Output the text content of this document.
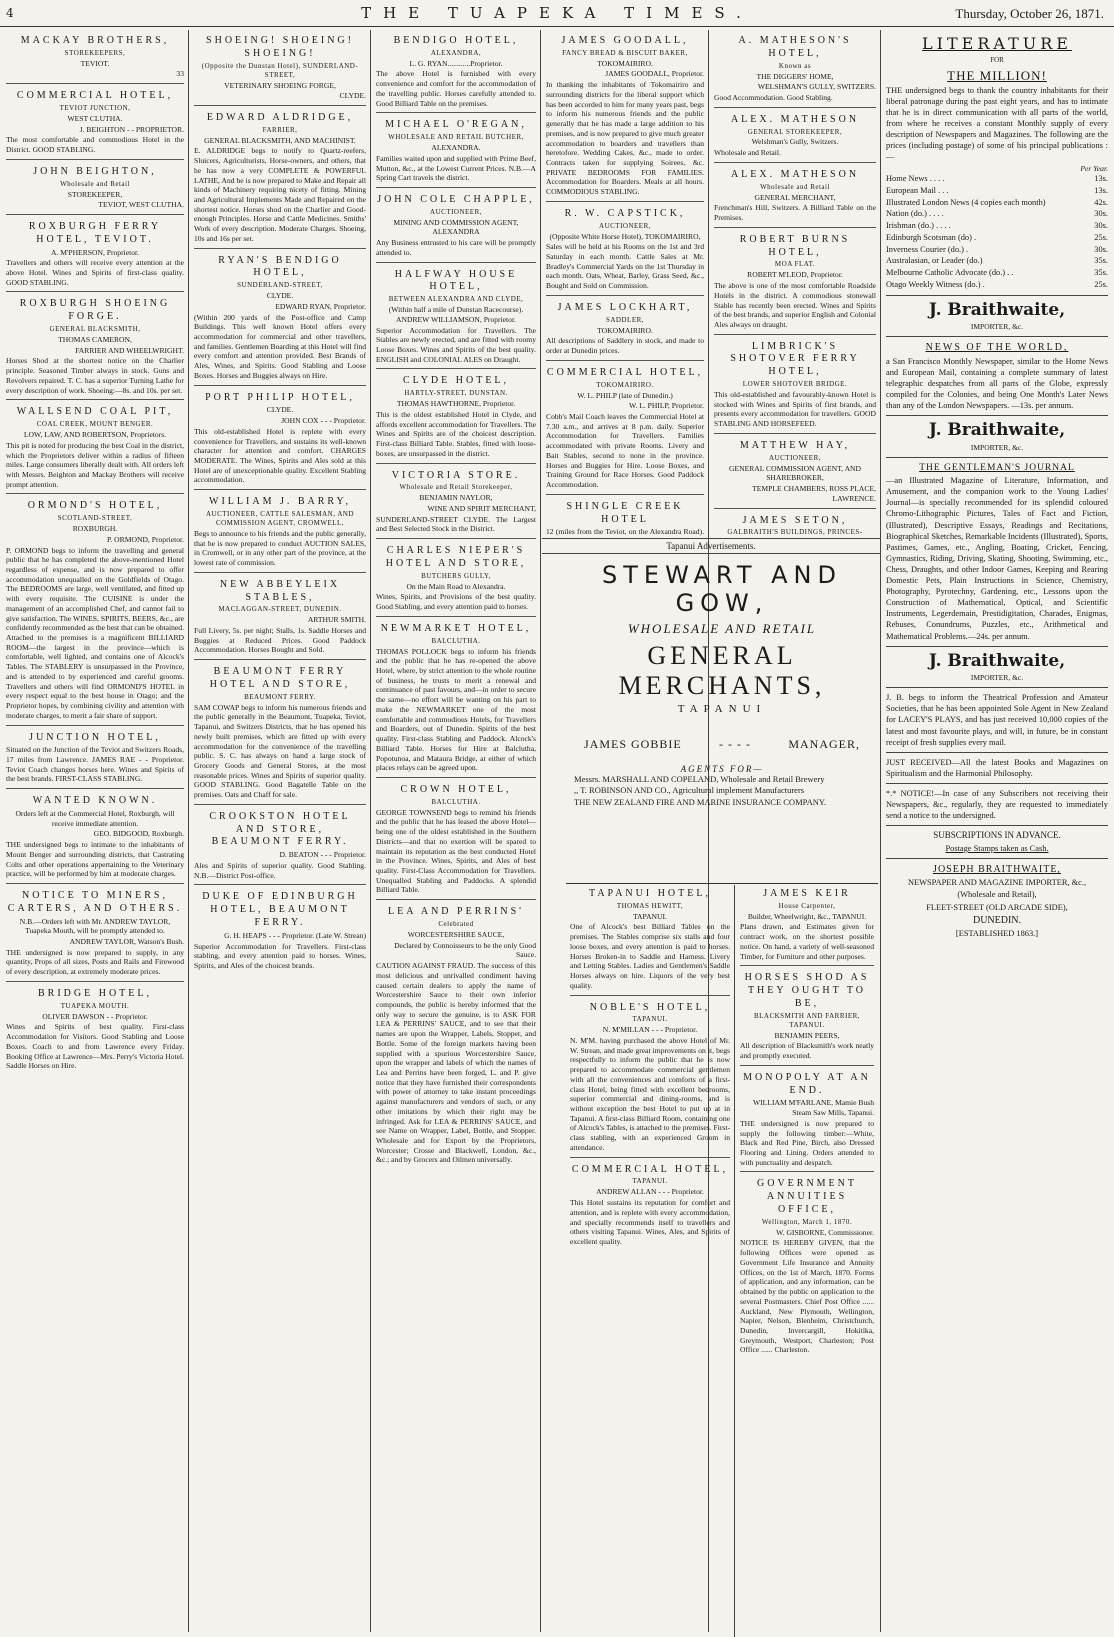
4	THE TUAPEKA TIMES.	Thursday, October 26, 1871.
MACKAY BROTHERS,
STOREKEEPERS,
TEVIOT.
33
COMMERCIAL HOTEL,
TEVIOT JUNCTION,
WEST CLUTHA.
J. BEIGHTON - - PROPRIETOR.
The most comfortable and commodious Hotel in the District. GOOD STABLING.
JOHN BEIGHTON,
Wholesale and Retail
STOREKEEPER,
TEVIOT, WEST CLUTHA.
ROXBURGH FERRY HOTEL, TEVIOT.
A. M'PHERSON, Proprietor.
Travellers and others will receive every attention at the above Hotel. Wines and Spirits of first-class quality. GOOD STABLING.
ROXBURGH SHOEING FORGE.
GENERAL BLACKSMITH,
THOMAS CAMERON,
FARRIER AND WHEELWRIGHT.
Horses Shod at the shortest notice on the Charlier principle. Seasoned Timber always in stock. Guns and Revolvers repaired. T. C. has a superior Turning Lathe for every description of work. Shoeing:—8s. and 10s. per set.
WALLSEND COAL PIT,
COAL CREEK, MOUNT BENGER.
LOW, LAW, AND ROBERTSON, Proprietors.
This pit is noted for producing the best Coal in the district, which the Proprietors deliver within a radius of fifteen miles. Large consumers liberally dealt with. All orders left with Messrs. Beighton and Mackay Brothers will receive prompt attention.
ORMOND'S HOTEL,
SCOTLAND-STREET,
ROXBURGH.
P. ORMOND, Proprietor.
P. ORMOND begs to inform the travelling and general public that he has completed the above-mentioned Hotel regardless of expense, and is now prepared to offer accommodation unequalled on the Goldfields of Otago. The BEDROOMS are large, well ventilated, and fitted up with every requisite. The CUISINE is under the management of an accomplished Chef, and cannot fail to give satisfaction. The WINES, SPIRITS, BEERS, &c., are confidently recommended as the best that can be obtained. Attached to the premises is a magnificent BILLIARD ROOM—the largest in the province—which is comfortable, well lighted, and contains one of Alcock's Tables. The STABLERY is unsurpassed in the Province, and is attended to by experienced and careful grooms. Travellers and others will find ORMOND'S HOTEL in every respect equal to the best house in Otago; and the Proprietor hopes, by combining civility and attention with moderate charges, to merit a fair share of support.
JUNCTION HOTEL,
Situated on the Junction of the Teviot and Switzers Roads, 17 miles from Lawrence. JAMES RAE - - Proprietor. Teviot Coach changes horses here. Wines and Spirits of the best brands. FIRST-CLASS STABLING.
WANTED KNOWN.
Orders left at the Commercial Hotel, Roxburgh, will receive immediate attention.
GEO. BIDGOOD, Roxburgh.
THE undersigned begs to intimate to the inhabitants of Mount Benger and surrounding districts, that Castrating Colts and other operations appertaining to the Veterinary practice, will be performed by him at moderate charges.
NOTICE TO MINERS, CARTERS, AND OTHERS.
N.B.—Orders left with Mr. ANDREW TAYLOR, Tuapeka Mouth, will be promptly attended to.
ANDREW TAYLOR, Watson's Bush.
THE undersigned is now prepared to supply, in any quantity, Props of all sizes, Posts and Rails and Firewood of every description, at extremely moderate prices.
BRIDGE HOTEL,
TUAPEKA MOUTH.
OLIVER DAWSON - - Proprietor.
Wines and Spirits of best quality. First-class Accommodation for Visitors. Good Stabling and Loose Boxes. Coach to and from Lawrence every Friday. Booking Office at Lawrence—Mrs. Perry's Victoria Hotel. Saddle Horses on Hire.
SHOEING! SHOEING! SHOEING!
(Opposite the Dunstan Hotel), SUNDERLAND-STREET,
VETERINARY SHOEING FORGE,
CLYDE.
EDWARD ALDRIDGE,
FARRIER,
GENERAL BLACKSMITH, AND MACHINIST.
E. ALDRIDGE begs to notify to Quartz-reefers, Sluicers, Agriculturists, Horse-owners, and others, that he has now a very COMPLETE & POWERFUL LATHE, And he is now prepared to Make and Repair all kinds of Machinery requiring nicety of fitting. Mining and Agricultural Implements Made and Repaired on the shortest notice. Horses shod on the Charlier and Good-enough Principles. Horse and Cattle Medicines. Smiths' Work of every description. Moderate Charges. Shoeing, 10s and 16s per set.
RYAN'S BENDIGO HOTEL,
SUNDERLAND-STREET,
CLYDE.
EDWARD RYAN, Proprietor.
(Within 200 yards of the Post-office and Camp Buildings. This well known Hotel offers every accommodation for commercial and other travellers, and families. Gentlemen Boarding at this Hotel will find every comfort and attention provided. Best Brands of Ales, Wines, and Spirits. Good Stabling and Loose Boxes. Horses and Buggies always on Hire.
PORT PHILIP HOTEL,
CLYDE.
JOHN COX - - - Proprietor.
This old-established Hotel is replete with every convenience for Travellers, and sustains its well-known character for attention and comfort. CHARGES MODERATE. The Wines, Spirits and Ales sold at this Hotel are of unexceptionable quality. Excellent Stabling accommodation.
WILLIAM J. BARRY,
AUCTIONEER, CATTLE SALESMAN, AND COMMISSION AGENT, CROMWELL,
Begs to announce to his friends and the public generally, that he is now prepared to conduct AUCTION SALES, in Cromwell, or in any other part of the province, at the lowest rate of commission.
NEW ABBEYLEIX STABLES,
MACLAGGAN-STREET, DUNEDIN.
ARTHUR SMITH.
Full Livery, 5s. per night; Stalls, 1s. Saddle Horses and Buggies at Reduced Prices. Good Paddock Accommodation. Horses Bought and Sold.
BEAUMONT FERRY HOTEL AND STORE,
BEAUMONT FERRY.
SAM COWAP begs to inform his numerous friends and the public generally in the Beaumont, Tuapeka, Teviot, Tapanui, and Switzers Districts, that he has opened his newly built premises, which are fitted up with every accommodation for the convenience of the travelling public. S. C. has always on hand a large stock of Grocery Goods and General Stores, at the most reasonable prices. Wines and Spirits of superior quality. GOOD STABLING. Good Bagatelle Table on the premises. Oats and Chaff for sale.
CROOKSTON HOTEL AND STORE, BEAUMONT FERRY.
D. BEATON - - - Proprietor.
Ales and Spirits of superior quality. Good Stabling. N.B.—District Post-office.
DUKE OF EDINBURGH HOTEL, BEAUMONT FERRY.
G. H. HEAPS - - - Proprietor. (Late W. Strean)
Superior Accommodation for Travellers. First-class stabling, and every attention paid to horses. Wines, Spirits, and Ales of the choicest brands.
BENDIGO HOTEL,
ALEXANDRA,
L. G. RYAN............Proprietor.
The above Hotel is furnished with every convenience and comfort for the accommodation of the travelling public. Horses carefully attended to. Good Billiard Table on the premises.
MICHAEL O'REGAN,
WHOLESALE AND RETAIL BUTCHER,
ALEXANDRA.
Families waited upon and supplied with Prime Beef, Mutton, &c., at the Lowest Current Prices. N.B.—A Spring Cart travels the district.
JOHN COLE CHAPPLE,
AUCTIONEER,
MINING AND COMMISSION AGENT, ALEXANDRA
Any Business entrusted to his care will be promptly attended to.
HALFWAY HOUSE HOTEL,
BETWEEN ALEXANDRA AND CLYDE,
(Within half a mile of Dunstan Racecourse). ANDREW WILLIAMSON, Proprietor.
Superior Accommodation for Travellers. The Stables are newly erected, and are fitted with roomy Loose Boxes. Wines and Spirits of the best quality. ENGLISH and COLONIAL ALES on Draught.
CLYDE HOTEL,
HARTLY-STREET, DUNSTAN.
THOMAS HAWTHORNE, Proprietor.
This is the oldest established Hotel in Clyde, and affords excellent accommodation for Travellers. The Wines and Spirits are of the choicest description. First-class Billiard Table. Stables, fitted with loose-boxes, are unsurpassed in the district.
VICTORIA STORE.
Wholesale and Retail Storekeeper,
BENJAMIN NAYLOR,
WINE AND SPIRIT MERCHANT,
SUNDERLAND-STREET CLYDE. The Largest and Best Selected Stock in the District.
CHARLES NIEPER'S HOTEL AND STORE,
BUTCHERS GULLY,
On the Main Road to Alexandra.
Wines, Spirits, and Provisions of the best quality. Good Stabling, and every attention paid to horses.
NEWMARKET HOTEL,
BALCLUTHA.
THOMAS POLLOCK begs to inform his friends and the public that he has re-opened the above Hotel, where, by strict attention to the whole routine of business, he trusts to merit a renewal and continuance of past favours, and—in order to secure the same—no effort will be wanting on his part to make the NEWMARKET one of the most comfortable and commodious Hotels, for Travellers and Boarders, out of Dunedin. Spirits of the best quality. First-class Stabling and Paddock. Alcock's Billiard Table. Horses for Hire at Balclutha, Popotunoa, and Mataura Bridge, at either of which places relays can be agreed upon.
CROWN HOTEL,
BALCLUTHA.
GEORGE TOWNSEND begs to remind his friends and the public that he has leased the above Hotel—being one of the oldest established in the Southern Districts—and that no exertion will be spared to maintain its reputation as the best conducted Hotel in the Province. Wines, Spirits, and Ales of best quality. First-Class Accommodation for Travellers. Unequalled Stabling and Paddocks. A splendid Billiard Table.
LEA AND PERRINS'
Celebrated
WORCESTERSHIRE SAUCE,
Declared by Connoisseurs to be the only Good Sauce.
CAUTION AGAINST FRAUD. The success of this most delicious and unrivalled condiment having caused certain dealers to apply the name of Worcestershire Sauce to their own inferior compounds, the public is hereby informed that the only way to secure the genuine, is to ASK FOR LEA & PERRINS' SAUCE, and to see that their names are upon the Wrapper, Labels, Stopper, and Bottle. Some of the foreign markets having been supplied with a spurious Worcestershire Sauce, upon the wrapper and labels of which the names of Lea and Perrins have been forged, L. and P. give notice that they have furnished their correspondents with power of attorney to take instant proceedings against manufacturers and vendors of such, or any other imitations by which their right may be infringed. Ask for LEA & PERRINS' SAUCE, and see Name on Wrapper, Label, Bottle, and Stopper. Wholesale and for Export by the Proprietors, Worcester; Crosse and Blackwell, London, &c., &c.; and by Grocers and Oilmen universally.
JAMES GOODALL,
FANCY BREAD & BISCUIT BAKER,
TOKOMAIRIRO.
JAMES GOODALL, Proprietor.
In thanking the inhabitants of Tokomairiro and surrounding districts for the liberal support which has been accorded to him for many years past, begs to inform his numerous friends and the public generally that he has made a large addition to his premises, and is now prepared to give much greater accommodation to boarders and travellers than heretofore. Wedding Cakes, &c., made to order. Contracts taken for supplying Soirees, &c. PRIVATE BEDROOMS FOR FAMILIES. Accommodation for Boarders. Meals at all hours. COMMODIOUS STABLING.
R. W. CAPSTICK,
AUCTIONEER,
(Opposite White Horse Hotel), TOKOMAIRIRO,
Sales will be held at his Rooms on the 1st and 3rd Saturday in each month. Cattle Sales at Mr. Bradley's Commercial Yards on the 1st Thursday in each month. Oats, Wheat, Barley, Grass Seed, &c., Bought and Sold on Commission.
JAMES LOCKHART,
SADDLER,
TOKOMAIRIRO.
All descriptions of Saddlery in stock, and made to order at Dunedin prices.
COMMERCIAL HOTEL,
TOKOMAIRIRO.
W. L. PHILP (late of Dunedin.)
W. L. PHILP, Proprietor.
Cobb's Mail Coach leaves the Commercial Hotel at 7.30 a.m., and arrives at 8 p.m. daily. Superior Accommodation for Travellers. Families accommodated with private Rooms. Livery and Bait Stables, second to none in the province. Horses and Buggies for Hire. Loose Boxes, and Training Ground for Race Horses. Good Paddock Accommodation.
SHINGLE CREEK HOTEL
12 (miles from the Teviot, on the Alexandra Road).
A. MATHESON'S HOTEL,
Known as
THE DIGGERS' HOME,
WELSHMAN'S GULLY, SWITZERS.
Good Accommodation. Good Stabling.
ALEX. MATHESON
GENERAL STOREKEEPER,
Welshman's Gully, Switzers.
Wholesale and Retail.
ALEX. MATHESON
Wholesale and Retail
GENERAL MERCHANT,
Frenchman's Hill, Switzers. A Billiard Table on the Premises.
ROBERT BURNS HOTEL,
MOA FLAT.
ROBERT M'LEOD, Proprietor.
The above is one of the most comfortable Roadside Hotels in the district. A commodious stonewall Stable has recently been erected. Wines and Spirits of the best brands, and superior English and Colonial Ales always on draught.
LIMBRICK'S SHOTOVER FERRY HOTEL,
LOWER SHOTOVER BRIDGE.
This old-established and favourably-known Hotel is stocked with Wines and Spirits of first brands, and presents every accommodation for travellers. GOOD STABLING AND HORSEFEED.
MATTHEW HAY,
AUCTIONEER,
GENERAL COMMISSION AGENT, AND SHAREBROKER,
TEMPLE CHAMBERS, ROSS PLACE, LAWRENCE.
JAMES SETON,
GALBRAITH'S BUILDINGS, PRINCES-
Tapanui Advertisements.
STEWART AND GOW,
WHOLESALE AND RETAIL
GENERAL MERCHANTS,
TAPANUI
JAMES GOBBIE	- - - -	MANAGER,
AGENTS FOR—
Messrs. MARSHALL AND COPELAND, Wholesale and Retail Brewery
,, T. ROBINSON AND CO., Agricultural implement Manufacturers
THE NEW ZEALAND FIRE AND MARINE INSURANCE COMPANY.
TAPANUI HOTEL,
THOMAS HEWITT,
TAPANUI.
One of Alcock's best Billiard Tables on the premises. The Stables comprise six stalls and four loose boxes, and every attention is paid to horses. Horses Broken-in to Saddle and Harness. Livery and Letting Stables. Ladies and Gentlemen's Saddle Horses always on hire. Liquors of the very best quality.
NOBLE'S HOTEL,
TAPANUI.
N. M'MILLAN - - - Proprietor.
N. M'M. having purchased the above Hotel of Mr. W. Strean, and made great improvements on it, begs respectfully to inform the public that he is now prepared to accommodate commercial gentlemen with all the conveniences and comforts of a first-class Hotel, being fitted with excellent bedrooms, superior commercial and dining-rooms, and is without exception the best Hotel to put up at in Tapanui. A first-class Billiard Room, containing one of Alcock's Tables, is attached to the premises. First-class stabling, with an experienced Groom in attendance.
COMMERCIAL HOTEL,
TAPANUI.
ANDREW ALLAN - - - Proprietor.
This Hotel sustains its reputation for comfort and attention, and is replete with every accommodation, and specially recommends itself to travellers and others visiting Tapanui. Wines, Ales, and Spirits of excellent quality.
JAMES KEIR
House Carpenter,
Builder, Wheelwright, &c., TAPANUI.
Plans drawn, and Estimates given for contract work, on the shortest possible notice. On hand, a variety of well-seasoned Timber, for Furniture and other purposes.
HORSES SHOD AS THEY OUGHT TO BE,
BLACKSMITH AND FARRIER, TAPANUI.
BENJAMIN PEERS,
All description of Blacksmith's work neatly and promptly executed.
MONOPOLY AT AN END.
WILLIAM M'FARLANE, Mamie Bush Steam Saw Mills, Tapanui.
THE undersigned is now prepared to supply the following timber:—White, Black and Red Pine, Birch, also Dressed Flooring and Lining. Orders attended to with punctuality and despatch.
GOVERNMENT ANNUITIES OFFICE,
Wellington, March 1, 1870.
W. GISBORNE, Commissioner.
NOTICE IS HEREBY GIVEN, that the following Offices were opened as Government Life Insurance and Annuity Offices, on the 1st of March, 1870. Forms of application, and any information, can be obtained by the public on application to the several Postmasters. Chief Post Office ...... Auckland, New Plymouth, Wellington, Napier, Nelson, Blenheim, Christchurch, Dunedin, Invercargill, Hokitika, Greymouth, Westport, Charleston; Post Office ...... Charleston.
LITERATURE
FOR
THE MILLION!
THE undersigned begs to thank the country inhabitants for their liberal patronage during the past eight years, and has to intimate that he is in direct communication with all parts of the world, from where he receives a constant Monthly supply of every description of Newspapers and Magazines. The following are the prices (including postage) of some of his principal publications :—
Per Year.
Home News . . . .	13s.
European Mail . . .	13s.
Illustrated London News (4 copies each month)	42s.
Nation (do.) . . . .	30s.
Irishman (do.) . . . .	30s.
Edinburgh Scotsman (do) .	25s.
Inverness Courier (do.) .	30s.
Australasian, or Leader (do.)	35s.
Melbourne Catholic Advocate (do.) . .	35s.
Otago Weekly Witness (do.) .	25s.
J. Braithwaite,
IMPORTER, &c.
NEWS OF THE WORLD,
a San Francisco Monthly Newspaper, similar to the Home News and European Mail, containing a complete summary of latest telegraphic despatches from all parts of the Globe, expressly compiled for the Colonies, and being One Month's Later News than any of the London Newspapers. —13s. per annum.
J. Braithwaite,
IMPORTER, &c.
THE GENTLEMAN'S JOURNAL
—an Illustrated Magazine of Literature, Information, and Amusement, and the companion work to the Young Ladies' Journal—is specially recommended for its splendid coloured Chromo-Lithographic Pictures, Tales of Fact and Fiction, (Illustrated), Descriptive Essays, Readings and Recitations, Biographical Sketches, Remarkable Incidents (Illustrated), Sports, Pastimes, Games, etc., Angling, Boating, Cricket, Fencing, Gymnastics, Riding, Driving, Skating, Shooting, Swimming, etc., Chess, Draughts, and other Indoor Games, Keeping and Rearing Domestic Pets, Plain Instructions in Science, Chemistry, Photography, Pyrotechny, Gardening, etc., Lessons upon the Construction of Mathematical, Optical, and Scientific Instruments, Legerdemain, Prestidigitation, Charades, Enigmas, Rebuses, Conundrums, Puzzles, etc., Arithmetical and Mathematical Problems.—24s. per annum.
J. Braithwaite,
IMPORTER, &c.
J. B. begs to inform the Theatrical Profession and Amateur Societies, that he has been appointed Sole Agent in New Zealand for LACEY'S PLAYS, and has just received 10,000 copies of the latest and most favourite plays, and will, in future, be in constant receipt of fresh supplies every mail.
JUST RECEIVED—All the latest Books and Magazines on Spiritualism and the Harmonial Philosophy.
*.* NOTICE!—In case of any Subscribers not receiving their Newspapers, &c., regularly, they are requested to immediately send a notice to the undersigned.
SUBSCRIPTIONS IN ADVANCE.
Postage Stamps taken as Cash.
JOSEPH BRAITHWAITE,
NEWSPAPER AND MAGAZINE IMPORTER, &c.,
(Wholesale and Retail),
FLEET-STREET (OLD ARCADE SIDE),
DUNEDIN.
[ESTABLISHED 1863.]
